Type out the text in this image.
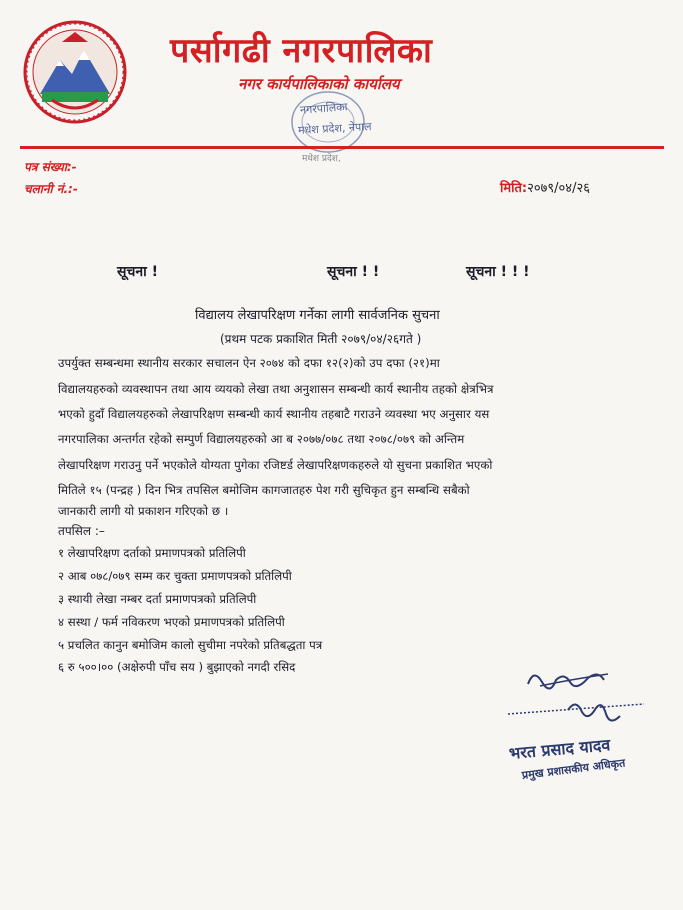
पर्सागढी नगरपालिका
नगर कार्यपालिकाको कार्यालय
नगरपालिका
मधेश प्रदेश, नेपाल
मधेश प्रदेश,
पत्र संख्या:-
चलानी नं.:-	मिति:२०७९/०४/२६
सूचना !	सूचना ! !	सूचना ! ! !
विद्यालय लेखापरिक्षण गर्नेका लागी सार्वजनिक सुचना
(प्रथम पटक प्रकाशित मिती २०७९/०४/२६गते )
उपर्युक्त सम्बन्धमा स्थानीय सरकार सचालन ऐन २०७४ को दफा १२(२)को उप दफा (२१)मा
विद्यालयहरुको व्यवस्थापन तथा आय व्ययको लेखा तथा अनुशासन सम्बन्धी कार्य स्थानीय तहको क्षेत्रभित्र
भएको हुदाँ विद्यालयहरुको लेखापरिक्षण सम्बन्धी कार्य स्थानीय तहबाटै गराउने व्यवस्था भए अनुसार यस
नगरपालिका अन्तर्गत रहेको सम्पुर्ण विद्यालयहरुको आ ब २०७७/०७८ तथा २०७८/०७९ को अन्तिम
लेखापरिक्षण गराउनु पर्ने भएकोले योग्यता पुगेका रजिष्टर्ड लेखापरिक्षणकहरुले यो सुचना प्रकाशित भएको
मितिले १५ (पन्द्रह ) दिन भित्र तपसिल बमोजिम कागजातहरु पेश गरी सुचिकृत हुन सम्बन्धि सबैको
जानकारी लागी यो प्रकाशन गरिएको छ ।
तपसिल :–
१ लेखापरिक्षण दर्ताको प्रमाणपत्रको प्रतिलिपी
२ आब ०७८/०७९ सम्म कर चुक्ता प्रमाणपत्रको प्रतिलिपी
३ स्थायी लेखा नम्बर दर्ता प्रमाणपत्रको प्रतिलिपी
४ सस्था / फर्म नविकरण भएको प्रमाणपत्रको प्रतिलिपी
५ प्रचलित कानुन बमोजिम कालो सुचीमा नपरेको प्रतिबद्धता पत्र
६ रु ५००।०० (अक्षेरुपी पाँच सय ) बुझाएको नगदी रसिद
भरत प्रसाद यादव
प्रमुख प्रशासकीय अधिकृत
